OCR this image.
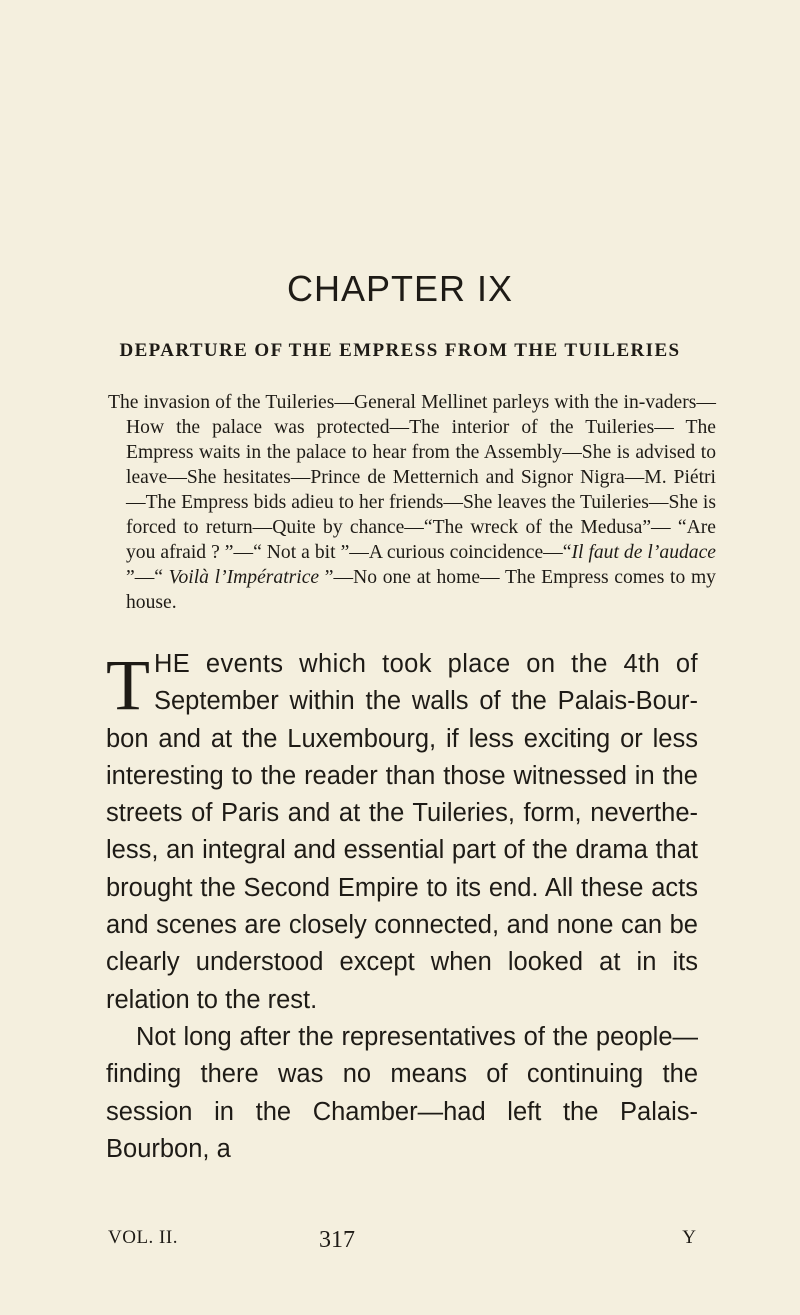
CHAPTER IX
DEPARTURE OF THE EMPRESS FROM THE TUILERIES

The invasion of the Tuileries—General Mellinet parleys with the in-vaders—How the palace was protected—The interior of the Tuileries— The Empress waits in the palace to hear from the Assembly—She is advised to leave—She hesitates—Prince de Metternich and Signor Nigra—M. Piétri—The Empress bids adieu to her friends—She leaves the Tuileries—She is forced to return—Quite by chance—“The wreck of the Medusa”— “Are you afraid ? ”—“ Not a bit ”—A curious coincidence—“Il faut de l’audace ”—“ Voilà l’Impératrice ”—No one at home— The Empress comes to my house.

THE events which took place on the 4th of September within the walls of the Palais-Bour-bon and at the Luxembourg, if less exciting or less interesting to the reader than those witnessed in the streets of Paris and at the Tuileries, form, neverthe-less, an integral and essential part of the drama that brought the Second Empire to its end. All these acts and scenes are closely connected, and none can be clearly understood except when looked at in its relation to the rest.

Not long after the representatives of the people— finding there was no means of continuing the session in the Chamber—had left the Palais-Bourbon, a

VOL. II.	317	Y
